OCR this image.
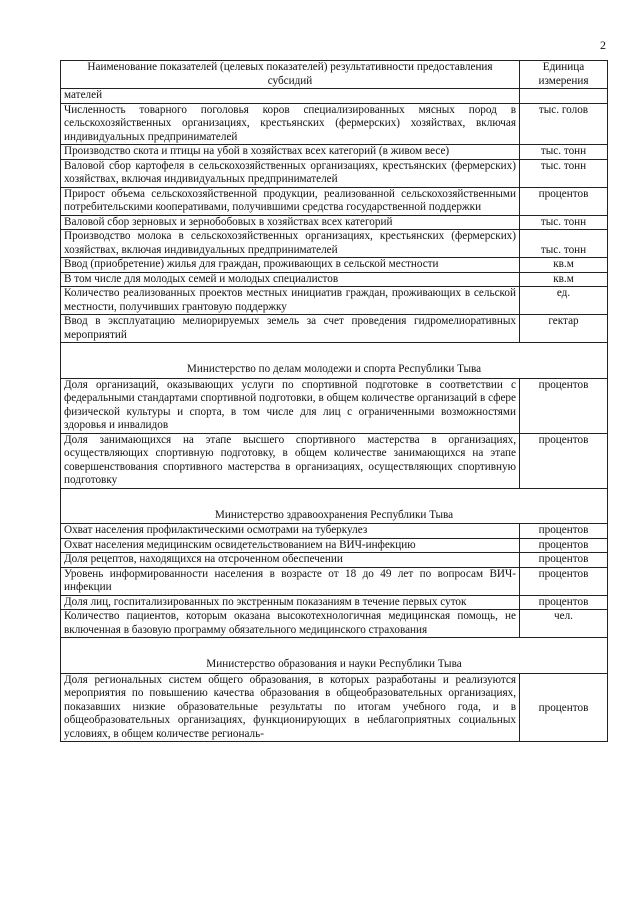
2
Наименование показателей (целевых показателей) результативности предоставления субсидий	Единица измерения
мателей	
Численность товарного поголовья коров специализированных мясных пород в сельскохозяйственных организациях, крестьянских (фермерских) хозяйствах, включая индивидуальных предпринимателей	тыс. голов
Производство скота и птицы на убой в хозяйствах всех категорий (в живом весе)	тыс. тонн
Валовой сбор картофеля в сельскохозяйственных организациях, крестьянских (фермерских) хозяйствах, включая индивидуальных предпринимателей	тыс. тонн
Прирост объема сельскохозяйственной продукции, реализованной сельскохозяйственными потребительскими кооперативами, получившими средства государственной поддержки	процентов
Валовой сбор зерновых и зернобобовых в хозяйствах всех категорий	тыс. тонн
Производство молока в сельскохозяйственных организациях, крестьянских (фермерских) хозяйствах, включая индивидуальных предпринимателей	тыс. тонн
Ввод (приобретение) жилья для граждан, проживающих в сельской местности	кв.м
В том числе для молодых семей и молодых специалистов	кв.м
Количество реализованных проектов местных инициатив граждан, проживающих в сельской местности, получивших грантовую поддержку	ед.
Ввод в эксплуатацию мелиорируемых земель за счет проведения гидромелиоративных мероприятий	гектар
Министерство по делам молодежи и спорта Республики Тыва	
Доля организаций, оказывающих услуги по спортивной подготовке в соответствии с федеральными стандартами спортивной подготовки, в общем количестве организаций в сфере физической культуры и спорта, в том числе для лиц с ограниченными возможностями здоровья и инвалидов	процентов
Доля занимающихся на этапе высшего спортивного мастерства в организациях, осуществляющих спортивную подготовку, в общем количестве занимающихся на этапе совершенствования спортивного мастерства в организациях, осуществляющих спортивную подготовку	процентов
Министерство здравоохранения Республики Тыва	
Охват населения профилактическими осмотрами на туберкулез	процентов
Охват населения медицинским освидетельствованием на ВИЧ-инфекцию	процентов
Доля рецептов, находящихся на отсроченном обеспечении	процентов
Уровень информированности населения в возрасте от 18 до 49 лет по вопросам ВИЧ-инфекции	процентов
Доля лиц, госпитализированных по экстренным показаниям в течение первых суток	процентов
Количество пациентов, которым оказана высокотехнологичная медицинская помощь, не включенная в базовую программу обязательного медицинского страхования	чел.
Министерство образования и науки Республики Тыва	
Доля региональных систем общего образования, в которых разработаны и реализуются мероприятия по повышению качества образования в общеобразовательных организациях, показавших низкие образовательные результаты по итогам учебного года, и в общеобразовательных организациях, функционирующих в неблагоприятных социальных условиях, в общем количестве региональ-	процентов
